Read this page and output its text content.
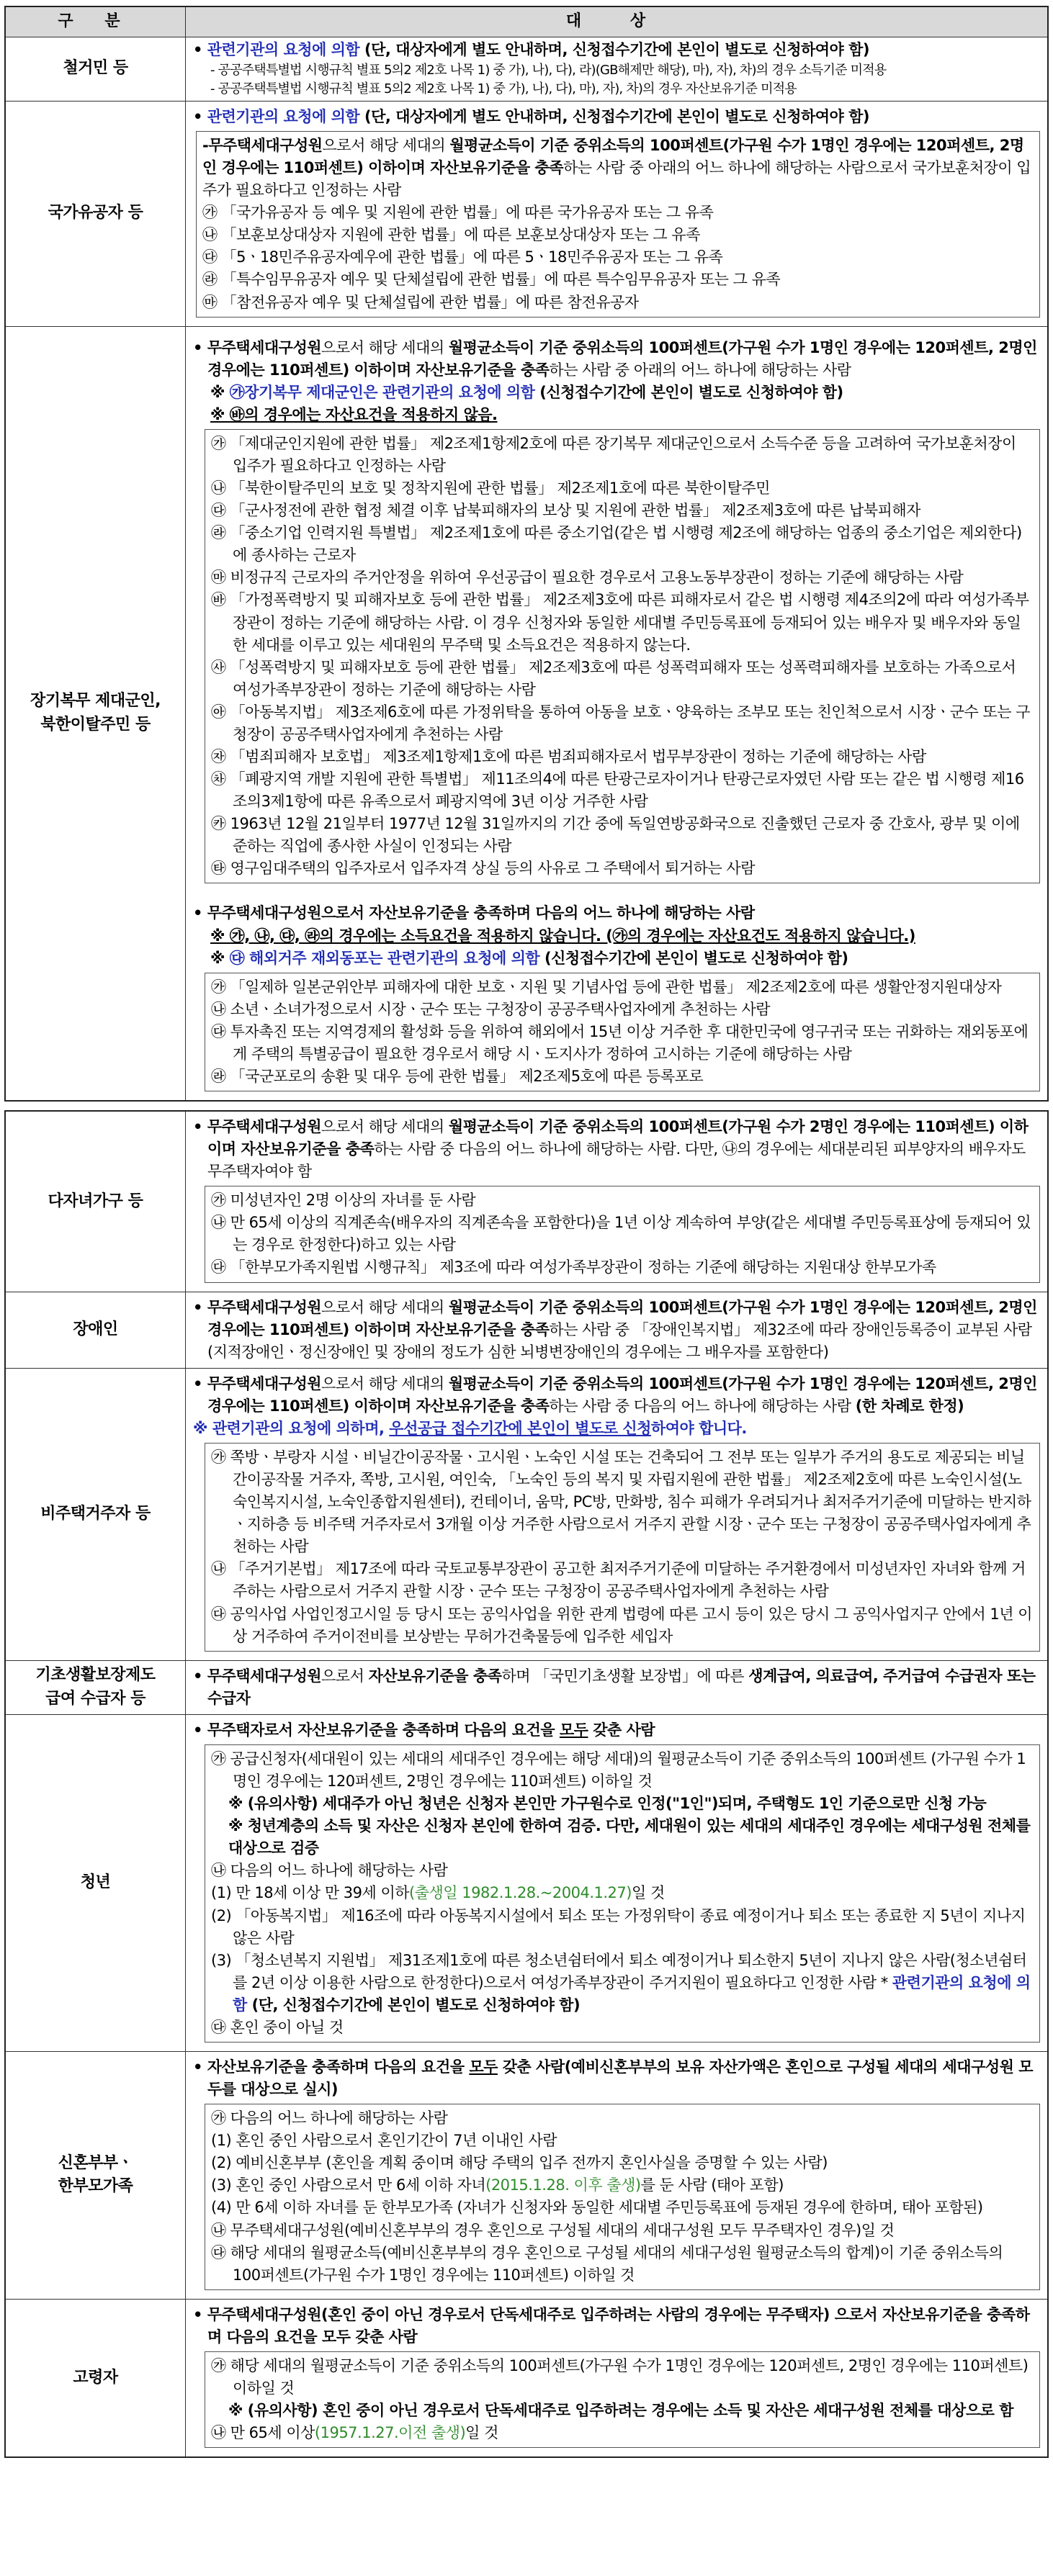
구 분	대 상
철거민 등
• 관련기관의 요청에 의함 (단, 대상자에게 별도 안내하며, 신청접수기간에 본인이 별도로 신청하여야 함)
- 공공주택특별법 시행규칙 별표 5의2 제2호 나목 1) 중 가), 나), 다), 라)(GB해제만 해당), 마), 자), 차)의 경우 소득기준 미적용
- 공공주택특별법 시행규칙 별표 5의2 제2호 나목 1) 중 가), 나), 다), 마), 자), 차)의 경우 자산보유기준 미적용
국가유공자 등
• 관련기관의 요청에 의함 (단, 대상자에게 별도 안내하며, 신청접수기간에 본인이 별도로 신청하여야 함)
-무주택세대구성원으로서 해당 세대의 월평균소득이 기준 중위소득의 100퍼센트(가구원 수가 1명인 경우에는 120퍼센트, 2명인 경우에는 110퍼센트) 이하이며 자산보유기준을 충족하는 사람 중 아래의 어느 하나에 해당하는 사람으로서 국가보훈처장이 입주가 필요하다고 인정하는 사람
㉮ 「국가유공자 등 예우 및 지원에 관한 법률」에 따른 국가유공자 또는 그 유족
㉯ 「보훈보상대상자 지원에 관한 법률」에 따른 보훈보상대상자 또는 그 유족
㉰ 「5ㆍ18민주유공자예우에 관한 법률」에 따른 5ㆍ18민주유공자 또는 그 유족
㉱ 「특수임무유공자 예우 및 단체설립에 관한 법률」에 따른 특수임무유공자 또는 그 유족
㉲ 「참전유공자 예우 및 단체설립에 관한 법률」에 따른 참전유공자
장기복무 제대군인,
북한이탈주민 등
• 무주택세대구성원으로서 해당 세대의 월평균소득이 기준 중위소득의 100퍼센트(가구원 수가 1명인 경우에는 120퍼센트, 2명인 경우에는 110퍼센트) 이하이며 자산보유기준을 충족하는 사람 중 아래의 어느 하나에 해당하는 사람
※ ㉮장기복무 제대군인은 관련기관의 요청에 의함 (신청접수기간에 본인이 별도로 신청하여야 함)
※ ㉳의 경우에는 자산요건을 적용하지 않음.
㉮ 「제대군인지원에 관한 법률」 제2조제1항제2호에 따른 장기복무 제대군인으로서 소득수준 등을 고려하여 국가보훈처장이 입주가 필요하다고 인정하는 사람
㉯ 「북한이탈주민의 보호 및 정착지원에 관한 법률」 제2조제1호에 따른 북한이탈주민
㉰ 「군사정전에 관한 협정 체결 이후 납북피해자의 보상 및 지원에 관한 법률」 제2조제3호에 따른 납북피해자
㉱ 「중소기업 인력지원 특별법」 제2조제1호에 따른 중소기업(같은 법 시행령 제2조에 해당하는 업종의 중소기업은 제외한다)에 종사하는 근로자
㉲ 비정규직 근로자의 주거안정을 위하여 우선공급이 필요한 경우로서 고용노동부장관이 정하는 기준에 해당하는 사람
㉳ 「가정폭력방지 및 피해자보호 등에 관한 법률」 제2조제3호에 따른 피해자로서 같은 법 시행령 제4조의2에 따라 여성가족부장관이 정하는 기준에 해당하는 사람. 이 경우 신청자와 동일한 세대별 주민등록표에 등재되어 있는 배우자 및 배우자와 동일한 세대를 이루고 있는 세대원의 무주택 및 소득요건은 적용하지 않는다.
㉴ 「성폭력방지 및 피해자보호 등에 관한 법률」 제2조제3호에 따른 성폭력피해자 또는 성폭력피해자를 보호하는 가족으로서 여성가족부장관이 정하는 기준에 해당하는 사람
㉵ 「아동복지법」 제3조제6호에 따른 가정위탁을 통하여 아동을 보호ㆍ양육하는 조부모 또는 친인척으로서 시장ㆍ군수 또는 구청장이 공공주택사업자에게 추천하는 사람
㉶ 「범죄피해자 보호법」 제3조제1항제1호에 따른 범죄피해자로서 법무부장관이 정하는 기준에 해당하는 사람
㉷ 「폐광지역 개발 지원에 관한 특별법」 제11조의4에 따른 탄광근로자이거나 탄광근로자였던 사람 또는 같은 법 시행령 제16조의3제1항에 따른 유족으로서 폐광지역에 3년 이상 거주한 사람
㉸ 1963년 12월 21일부터 1977년 12월 31일까지의 기간 중에 독일연방공화국으로 진출했던 근로자 중 간호사, 광부 및 이에 준하는 직업에 종사한 사실이 인정되는 사람
㉹ 영구임대주택의 입주자로서 입주자격 상실 등의 사유로 그 주택에서 퇴거하는 사람
• 무주택세대구성원으로서 자산보유기준을 충족하며 다음의 어느 하나에 해당하는 사람
※ ㉮, ㉯, ㉰, ㉱의 경우에는 소득요건을 적용하지 않습니다. (㉮의 경우에는 자산요건도 적용하지 않습니다.)
※ ㉰ 해외거주 재외동포는 관련기관의 요청에 의함 (신청접수기간에 본인이 별도로 신청하여야 함)
㉮ 「일제하 일본군위안부 피해자에 대한 보호ㆍ지원 및 기념사업 등에 관한 법률」 제2조제2호에 따른 생활안정지원대상자
㉯ 소년ㆍ소녀가정으로서 시장ㆍ군수 또는 구청장이 공공주택사업자에게 추천하는 사람
㉰ 투자촉진 또는 지역경제의 활성화 등을 위하여 해외에서 15년 이상 거주한 후 대한민국에 영구귀국 또는 귀화하는 재외동포에게 주택의 특별공급이 필요한 경우로서 해당 시ㆍ도지사가 정하여 고시하는 기준에 해당하는 사람
㉱ 「국군포로의 송환 및 대우 등에 관한 법률」 제2조제5호에 따른 등록포로
다자녀가구 등
• 무주택세대구성원으로서 해당 세대의 월평균소득이 기준 중위소득의 100퍼센트(가구원 수가 2명인 경우에는 110퍼센트) 이하이며 자산보유기준을 충족하는 사람 중 다음의 어느 하나에 해당하는 사람. 다만, ㉯의 경우에는 세대분리된 피부양자의 배우자도 무주택자여야 함
㉮ 미성년자인 2명 이상의 자녀를 둔 사람
㉯ 만 65세 이상의 직계존속(배우자의 직계존속을 포함한다)을 1년 이상 계속하여 부양(같은 세대별 주민등록표상에 등재되어 있는 경우로 한정한다)하고 있는 사람
㉰ 「한부모가족지원법 시행규칙」 제3조에 따라 여성가족부장관이 정하는 기준에 해당하는 지원대상 한부모가족
장애인
• 무주택세대구성원으로서 해당 세대의 월평균소득이 기준 중위소득의 100퍼센트(가구원 수가 1명인 경우에는 120퍼센트, 2명인 경우에는 110퍼센트) 이하이며 자산보유기준을 충족하는 사람 중 「장애인복지법」 제32조에 따라 장애인등록증이 교부된 사람(지적장애인ㆍ정신장애인 및 장애의 정도가 심한 뇌병변장애인의 경우에는 그 배우자를 포함한다)
비주택거주자 등
• 무주택세대구성원으로서 해당 세대의 월평균소득이 기준 중위소득의 100퍼센트(가구원 수가 1명인 경우에는 120퍼센트, 2명인 경우에는 110퍼센트) 이하이며 자산보유기준을 충족하는 사람 중 다음의 어느 하나에 해당하는 사람 (한 차례로 한정)
※ 관련기관의 요청에 의하며, 우선공급 접수기간에 본인이 별도로 신청하여야 합니다.
㉮ 쪽방ㆍ부랑자 시설ㆍ비닐간이공작물ㆍ고시원ㆍ노숙인 시설 또는 건축되어 그 전부 또는 일부가 주거의 용도로 제공되는 비닐간이공작물 거주자, 쪽방, 고시원, 여인숙, 「노숙인 등의 복지 및 자립지원에 관한 법률」 제2조제2호에 따른 노숙인시설(노숙인복지시설, 노숙인종합지원센터), 컨테이너, 움막, PC방, 만화방, 침수 피해가 우려되거나 최저주거기준에 미달하는 반지하ㆍ지하층 등 비주택 거주자로서 3개월 이상 거주한 사람으로서 거주지 관할 시장ㆍ군수 또는 구청장이 공공주택사업자에게 추천하는 사람
㉯ 「주거기본법」 제17조에 따라 국토교통부장관이 공고한 최저주거기준에 미달하는 주거환경에서 미성년자인 자녀와 함께 거주하는 사람으로서 거주지 관할 시장ㆍ군수 또는 구청장이 공공주택사업자에게 추천하는 사람
㉰ 공익사업 사업인정고시일 등 당시 또는 공익사업을 위한 관계 법령에 따른 고시 등이 있은 당시 그 공익사업지구 안에서 1년 이상 거주하여 주거이전비를 보상받는 무허가건축물등에 입주한 세입자
기초생활보장제도
급여 수급자 등
• 무주택세대구성원으로서 자산보유기준을 충족하며 「국민기초생활 보장법」에 따른 생계급여, 의료급여, 주거급여 수급권자 또는 수급자
청년
• 무주택자로서 자산보유기준을 충족하며 다음의 요건을 모두 갖춘 사람
㉮ 공급신청자(세대원이 있는 세대의 세대주인 경우에는 해당 세대)의 월평균소득이 기준 중위소득의 100퍼센트 (가구원 수가 1명인 경우에는 120퍼센트, 2명인 경우에는 110퍼센트) 이하일 것
※ (유의사항) 세대주가 아닌 청년은 신청자 본인만 가구원수로 인정("1인")되며, 주택형도 1인 기준으로만 신청 가능
※ 청년계층의 소득 및 자산은 신청자 본인에 한하여 검증. 다만, 세대원이 있는 세대의 세대주인 경우에는 세대구성원 전체를 대상으로 검증
㉯ 다음의 어느 하나에 해당하는 사람
(1) 만 18세 이상 만 39세 이하(출생일 1982.1.28.~2004.1.27)일 것
(2) 「아동복지법」 제16조에 따라 아동복지시설에서 퇴소 또는 가정위탁이 종료 예정이거나 퇴소 또는 종료한 지 5년이 지나지 않은 사람
(3) 「청소년복지 지원법」 제31조제1호에 따른 청소년쉼터에서 퇴소 예정이거나 퇴소한지 5년이 지나지 않은 사람(청소년쉼터를 2년 이상 이용한 사람으로 한정한다)으로서 여성가족부장관이 주거지원이 필요하다고 인정한 사람 * 관련기관의 요청에 의함 (단, 신청접수기간에 본인이 별도로 신청하여야 함)
㉰ 혼인 중이 아닐 것
신혼부부ㆍ
한부모가족
• 자산보유기준을 충족하며 다음의 요건을 모두 갖춘 사람(예비신혼부부의 보유 자산가액은 혼인으로 구성될 세대의 세대구성원 모두를 대상으로 실시)
㉮ 다음의 어느 하나에 해당하는 사람
(1) 혼인 중인 사람으로서 혼인기간이 7년 이내인 사람
(2) 예비신혼부부 (혼인을 계획 중이며 해당 주택의 입주 전까지 혼인사실을 증명할 수 있는 사람)
(3) 혼인 중인 사람으로서 만 6세 이하 자녀(2015.1.28. 이후 출생)를 둔 사람 (태아 포함)
(4) 만 6세 이하 자녀를 둔 한부모가족 (자녀가 신청자와 동일한 세대별 주민등록표에 등재된 경우에 한하며, 태아 포함된)
㉯ 무주택세대구성원(예비신혼부부의 경우 혼인으로 구성될 세대의 세대구성원 모두 무주택자인 경우)일 것
㉰ 해당 세대의 월평균소득(예비신혼부부의 경우 혼인으로 구성될 세대의 세대구성원 월평균소득의 합계)이 기준 중위소득의 100퍼센트(가구원 수가 1명인 경우에는 110퍼센트) 이하일 것
고령자
• 무주택세대구성원(혼인 중이 아닌 경우로서 단독세대주로 입주하려는 사람의 경우에는 무주택자) 으로서 자산보유기준을 충족하며 다음의 요건을 모두 갖춘 사람
㉮ 해당 세대의 월평균소득이 기준 중위소득의 100퍼센트(가구원 수가 1명인 경우에는 120퍼센트, 2명인 경우에는 110퍼센트) 이하일 것
※ (유의사항) 혼인 중이 아닌 경우로서 단독세대주로 입주하려는 경우에는 소득 및 자산은 세대구성원 전체를 대상으로 함
㉯ 만 65세 이상(1957.1.27.이전 출생)일 것
